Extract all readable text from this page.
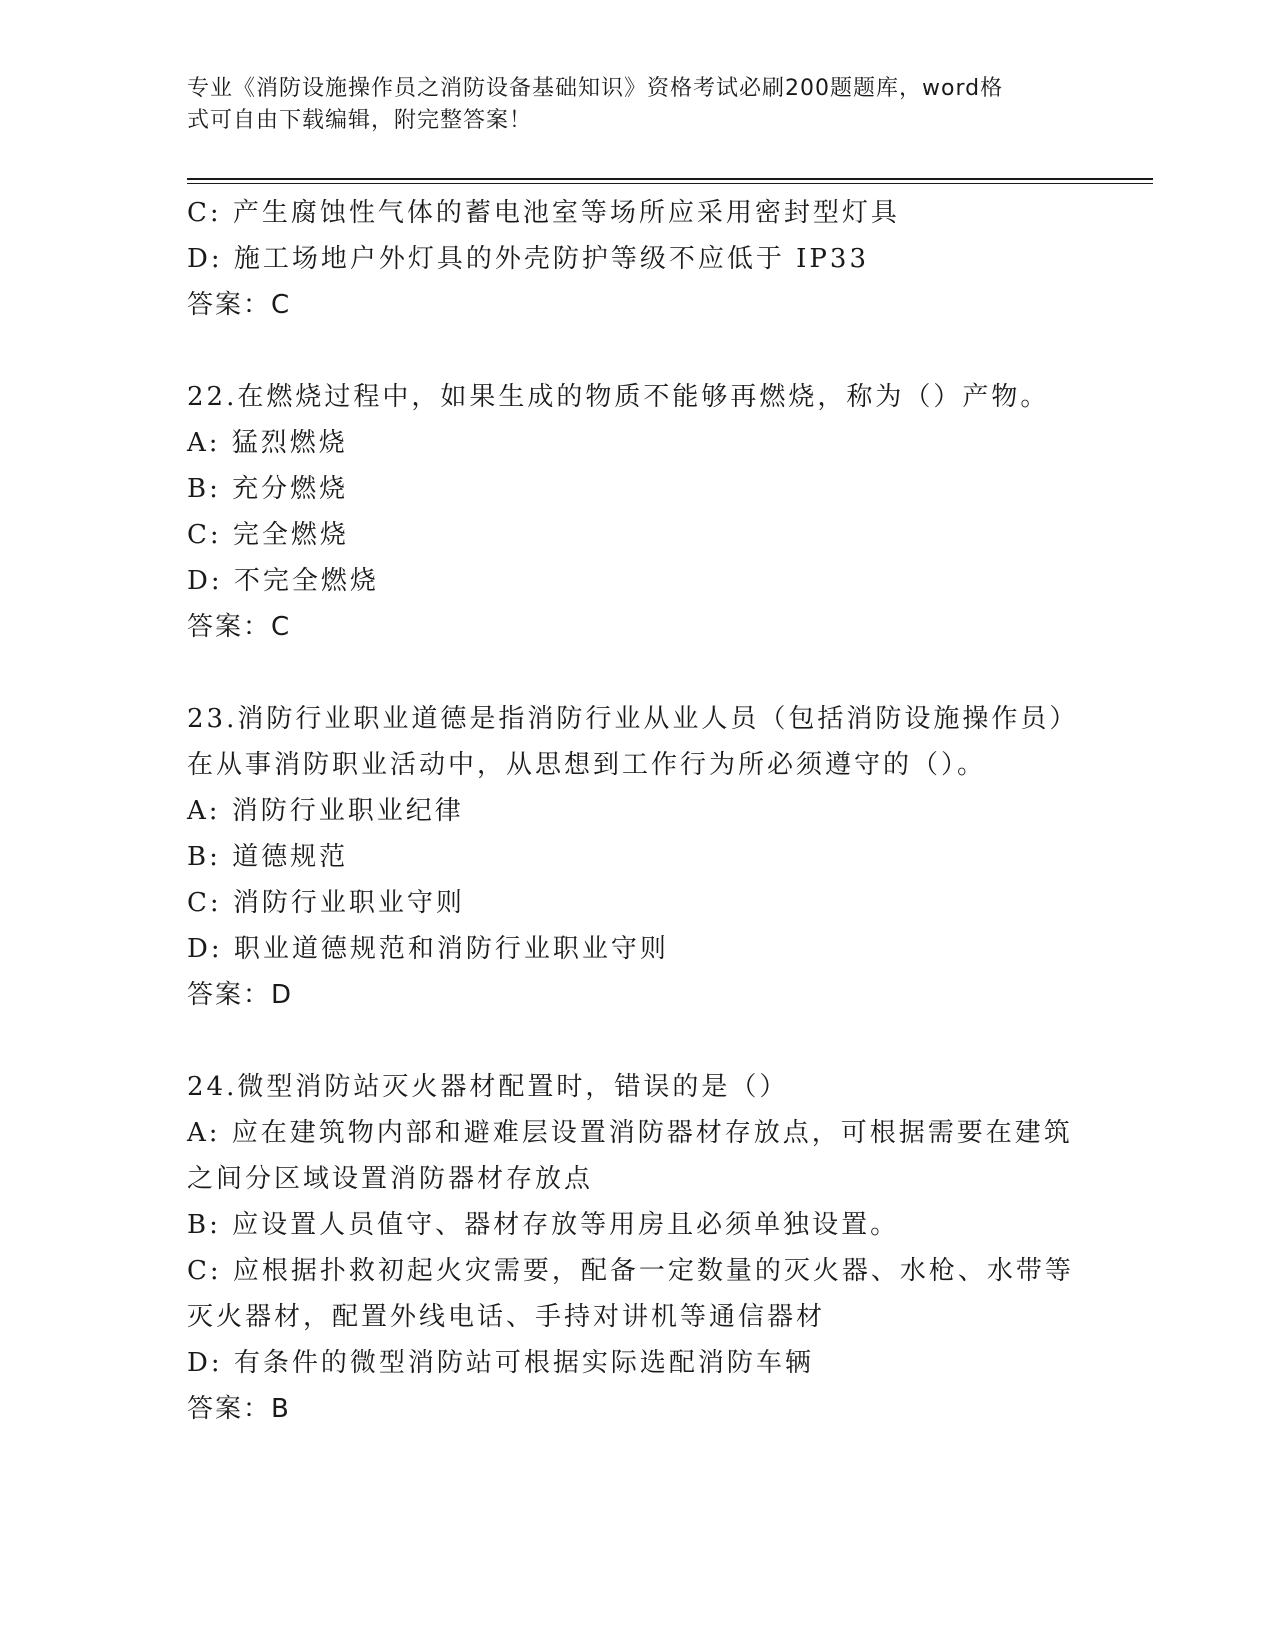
专业《消防设施操作员之消防设备基础知识》资格考试必刷200题题库，word格
式可自由下载编辑，附完整答案！
C: 产生腐蚀性气体的蓄电池室等场所应采用密封型灯具
D: 施工场地户外灯具的外壳防护等级不应低于 IP33
答案：C
22.在燃烧过程中，如果生成的物质不能够再燃烧，称为（）产物。
A: 猛烈燃烧
B: 充分燃烧
C: 完全燃烧
D: 不完全燃烧
答案：C
23.消防行业职业道德是指消防行业从业人员（包括消防设施操作员）
在从事消防职业活动中，从思想到工作行为所必须遵守的（）。
A: 消防行业职业纪律
B: 道德规范
C: 消防行业职业守则
D: 职业道德规范和消防行业职业守则
答案：D
24.微型消防站灭火器材配置时，错误的是（）
A: 应在建筑物内部和避难层设置消防器材存放点，可根据需要在建筑
之间分区域设置消防器材存放点
B: 应设置人员值守、器材存放等用房且必须单独设置。
C: 应根据扑救初起火灾需要，配备一定数量的灭火器、水枪、水带等
灭火器材，配置外线电话、手持对讲机等通信器材
D: 有条件的微型消防站可根据实际选配消防车辆
答案：B
